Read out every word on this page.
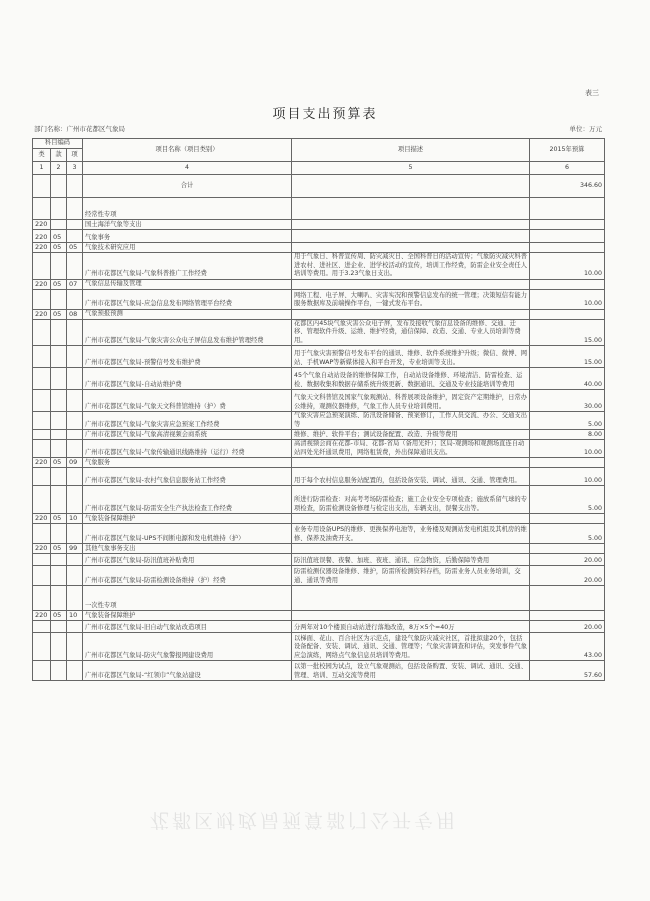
表三
项目支出预算表
部门名称：广州市花都区气象局	单位：万元
科目编码			项目名称（项目类别）	项目描述	2015年预算
类	款	项			
1	2	3	4	5	6
			合计		346.60
			经常性专项		
220			国土海洋气象等支出		
220	05		气象事务		
220	05	05	气象技术研究应用		
			广州市花都区气象局-气象科普推广工作经费	用于气象日、科普宣传周、防灾减灾日、全国科普日的活动宣传；气象防灾减灾科普进农村、进社区、进企业、进学校活动的宣传，培训工作经费，防雷企业安全责任人培训等费用。用于3.23气象日支出。	10.00
220	05	07	气象信息传输及管理		
			广州市花都区气象局-应急信息发布网络管理平台经费	网络工程、电子屏、大喇叭、灾害实况和预警信息发布的统一管理；决策短信有能力服务数据库及前端操作平台，一键式发布平台。	10.00
220	05	08	气象预报预测		
			广州市花都区气象局-气象灾害公众电子屏信息发布维护管理经费	花都区内45块气象灾害公众电子屏，发布及接收气象信息设备的维修、交通、迁移、管理软件升级、运维、维护经费，通信保障、改造、交通、专业人员培训等费用。	15.00
			广州市花都区气象局-预警信号发布维护费	用于气象灾害预警信号发布平台的通讯、维修、软件系统维护升级；微信、微博、网站、手机WAP等新媒体接入和平台开发，专业培训等支出。	15.00
			广州市花都区气象局-自动站维护费	45个气象自动站设备的维修保障工作，自动站设备维修、环境清洁、防雷检查、运检、数据收集和数据存储系统升级更新、数据通讯、交通及专业技能培训等费用	40.00
			广州市花都区气象局-气象天文科普馆维持（护）费	气象天文科普馆及国家气象观测站、科普展项设备维护，固定资产定期维护，日常办公维持，观测仪器维修，气象工作人员专业培训费用。	30.00
			广州市花都区气象局-气象灾害应急预案工作经费	气象灾害应急预案演练、防汛设备储备、预案修订，工作人员交流、办公、交通支出等	5.00
			广州市花都区气象局-气象高清视频会商系统	维修、维护、软件平台；测试设备配置、改造、升级等费用	8.00
			广州市花都区气象局-气象传输通讯线路维持（运行）经费	高清视频会商在花都-市局、花都-省局（备用光纤）；区局-观测场和观测场直连自动站四处光纤通讯费用，网络租赁费，外出保障通讯支出。	10.00
220	05	09	气象服务		
			广州市花都区气象局-农村气象信息服务站工作经费	用于每个农村信息服务站配置的，包括设备安装、调试、通讯、交通、管理费用。	10.00
			广州市花都区气象局-防雷安全生产执法检查工作经费	所进行防雷检查：对高考考场防雷检查；施工企业安全专项检查；施放系留气球的专项检查，防雷检测设备修理与检定出支出，车辆支出，误餐支出等。	5.00
220	05	10	气象装备保障维护		
			广州市花都区气象局-UPS不间断电源和发电机维持（护）	业务专用设备UPS的维修、更换保养电池等，业务楼及观测站发电机组及其机房的维修、保养及油费开支。	5.00
220	05	99	其他气象事务支出		
			广州市花都区气象局-防汛值班补贴费用	防汛值班误餐、夜餐、加班、夜班、通讯、应急物资，后勤保障等费用	20.00
			广州市花都区气象局-防雷检测设备维持（护）经费	防雷检测仪器设备维修、维护，防雷所检测资料存档，防雷业务人员业务培训，交通、通讯等费用	20.00
			一次性专项		
220	05	10	气象装备保障维护		
			广州市花都区气象局-旧自动气象站改造项目	分两年对10个楼顶自动站进行落地改造，8万×5个=40万	20.00
			广州市花都区气象局-防灾气象警报网建设费用	以梯面、花山、百合社区为示范点，建设气象防灾减灾社区，首批拟建20个，包括设备配备、安装、调试、通讯、交通、管理等；气象灾害调查和评估，突发事件气象应急演练，网络点气象信息员培训等费用。	43.00
			广州市花都区气象局-“红领巾”气象站建设	以第一批校园为试点，设立气象观测站，包括设备购置、安装、调试、通讯、交通、管理、培训、互动交流等费用	57.60
花都区财政局预算部门公开专用
